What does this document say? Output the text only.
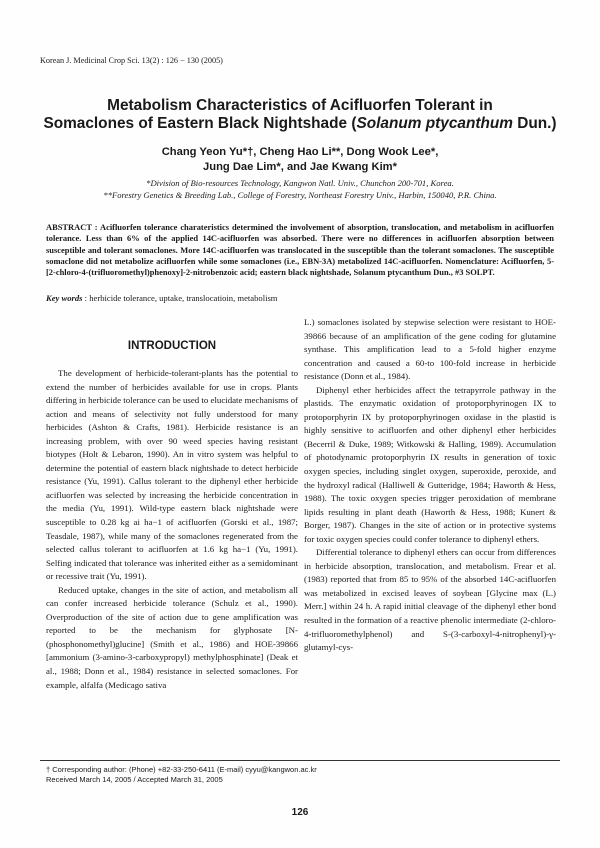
Korean J. Medicinal Crop Sci. 13(2) : 126 − 130 (2005)
Metabolism Characteristics of Acifluorfen Tolerant in
Somaclones of Eastern Black Nightshade (Solanum ptycanthum Dun.)
Chang Yeon Yu*†, Cheng Hao Li**, Dong Wook Lee*,
Jung Dae Lim*, and Jae Kwang Kim*
*Division of Bio-resources Technology, Kangwon Natl. Univ., Chunchon 200-701, Korea.
**Forestry Genetics & Breeding Lab., College of Forestry, Northeast Forestry Univ., Harbin, 150040, P.R. China.
ABSTRACT : Acifluorfen tolerance charateristics determined the involvement of absorption, translocation, and metabolism in acifluorfen tolerance. Less than 6% of the applied 14C-acifluorfen was absorbed. There were no differences in acifluorfen absorption between susceptible and tolerant somaclones. More 14C-acifluorfen was translocated in the susceptible than the tolerant somaclones. The susceptible somaclone did not metabolize acifluorfen while some somaclones (i.e., EBN-3A) metabolized 14C-acifluorfen. Nomenclature: Acifluorfen, 5-[2-chloro-4-(trifluoromethyl)phenoxy]-2-nitrobenzoic acid; eastern black nightshade, Solanum ptycanthum Dun., #3 SOLPT.
Key words : herbicide tolerance, uptake, translocatioin, metabolism
INTRODUCTION

The development of herbicide-tolerant-plants has the potential to extend the number of herbicides available for use in crops. Plants differing in herbicide tolerance can be used to elucidate mechanisms of action and means of selectivity not fully understood for many herbicides (Ashton & Crafts, 1981). Herbicide resistance is an increasing problem, with over 90 weed species having resistant biotypes (Holt & Lebaron, 1990). An in vitro system was helpful to determine the potential of eastern black nightshade to detect herbicide resistance (Yu, 1991). Callus tolerant to the diphenyl ether herbicide acifluorfen was selected by increasing the herbicide concentration in the media (Yu, 1991). Wild-type eastern black nightshade were susceptible to 0.28 kg ai ha−1 of acifluorfen (Gorski et al., 1987; Teasdale, 1987), while many of the somaclones regenerated from the selected callus tolerant to acifluorfen at 1.6 kg ha−1 (Yu, 1991). Selfing indicated that tolerance was inherited either as a semidominant or recessive trait (Yu, 1991).

Reduced uptake, changes in the site of action, and metabolism all can confer increased herbicide tolerance (Schulz et al., 1990). Overproduction of the site of action due to gene amplification was reported to be the mechanism for glyphosate [N-(phosphonomethyl)glucine] (Smith et al., 1986) and HOE-39866 [ammonium (3-amino-3-carboxypropyl) methylphosphinate] (Deak et al., 1988; Donn et al., 1984) resistance in selected somaclones. For example, alfalfa (Medicago sativa

L.) somaclones isolated by stepwise selection were resistant to HOE-39866 because of an amplification of the gene coding for glutamine synthase. This amplification lead to a 5-fold higher enzyme concentration and caused a 60-to 100-fold increase in herbicide resistance (Donn et al., 1984).

Diphenyl ether herbicides affect the tetrapyrrole pathway in the plastids. The enzymatic oxidation of protoporphyrinogen IX to protoporphyrin IX by protoporphyrinogen oxidase in the plastid is highly sensitive to acifluorfen and other diphenyl ether herbicides (Becerril & Duke, 1989; Witkowski & Halling, 1989). Accumulation of photodynamic protoporphyrin IX results in generation of toxic oxygen species, including singlet oxygen, superoxide, peroxide, and the hydroxyl radical (Halliwell & Gutteridge, 1984; Haworth & Hess, 1988). The toxic oxygen species trigger peroxidation of membrane lipids resulting in plant death (Haworth & Hess, 1988; Kunert & Borger, 1987). Changes in the site of action or in protective systems for toxic oxygen species could confer tolerance to diphenyl ethers.

Differential tolerance to diphenyl ethers can occur from differences in herbicide absorption, translocation, and metabolism. Frear et al. (1983) reported that from 85 to 95% of the absorbed 14C-acifluorfen was metabolized in excised leaves of soybean [Glycine max (L.) Merr.] within 24 h. A rapid initial cleavage of the diphenyl ether bond resulted in the formation of a reactive phenolic intermediate (2-chloro-4-trifluoromethylphenol) and S-(3-carboxyl-4-nitrophenyl)-γ-glutamyl-cys-

† Corresponding author: (Phone) +82-33-250-6411 (E-mail) cyyu@kangwon.ac.kr
Received March 14, 2005 / Accepted March 31, 2005
126
